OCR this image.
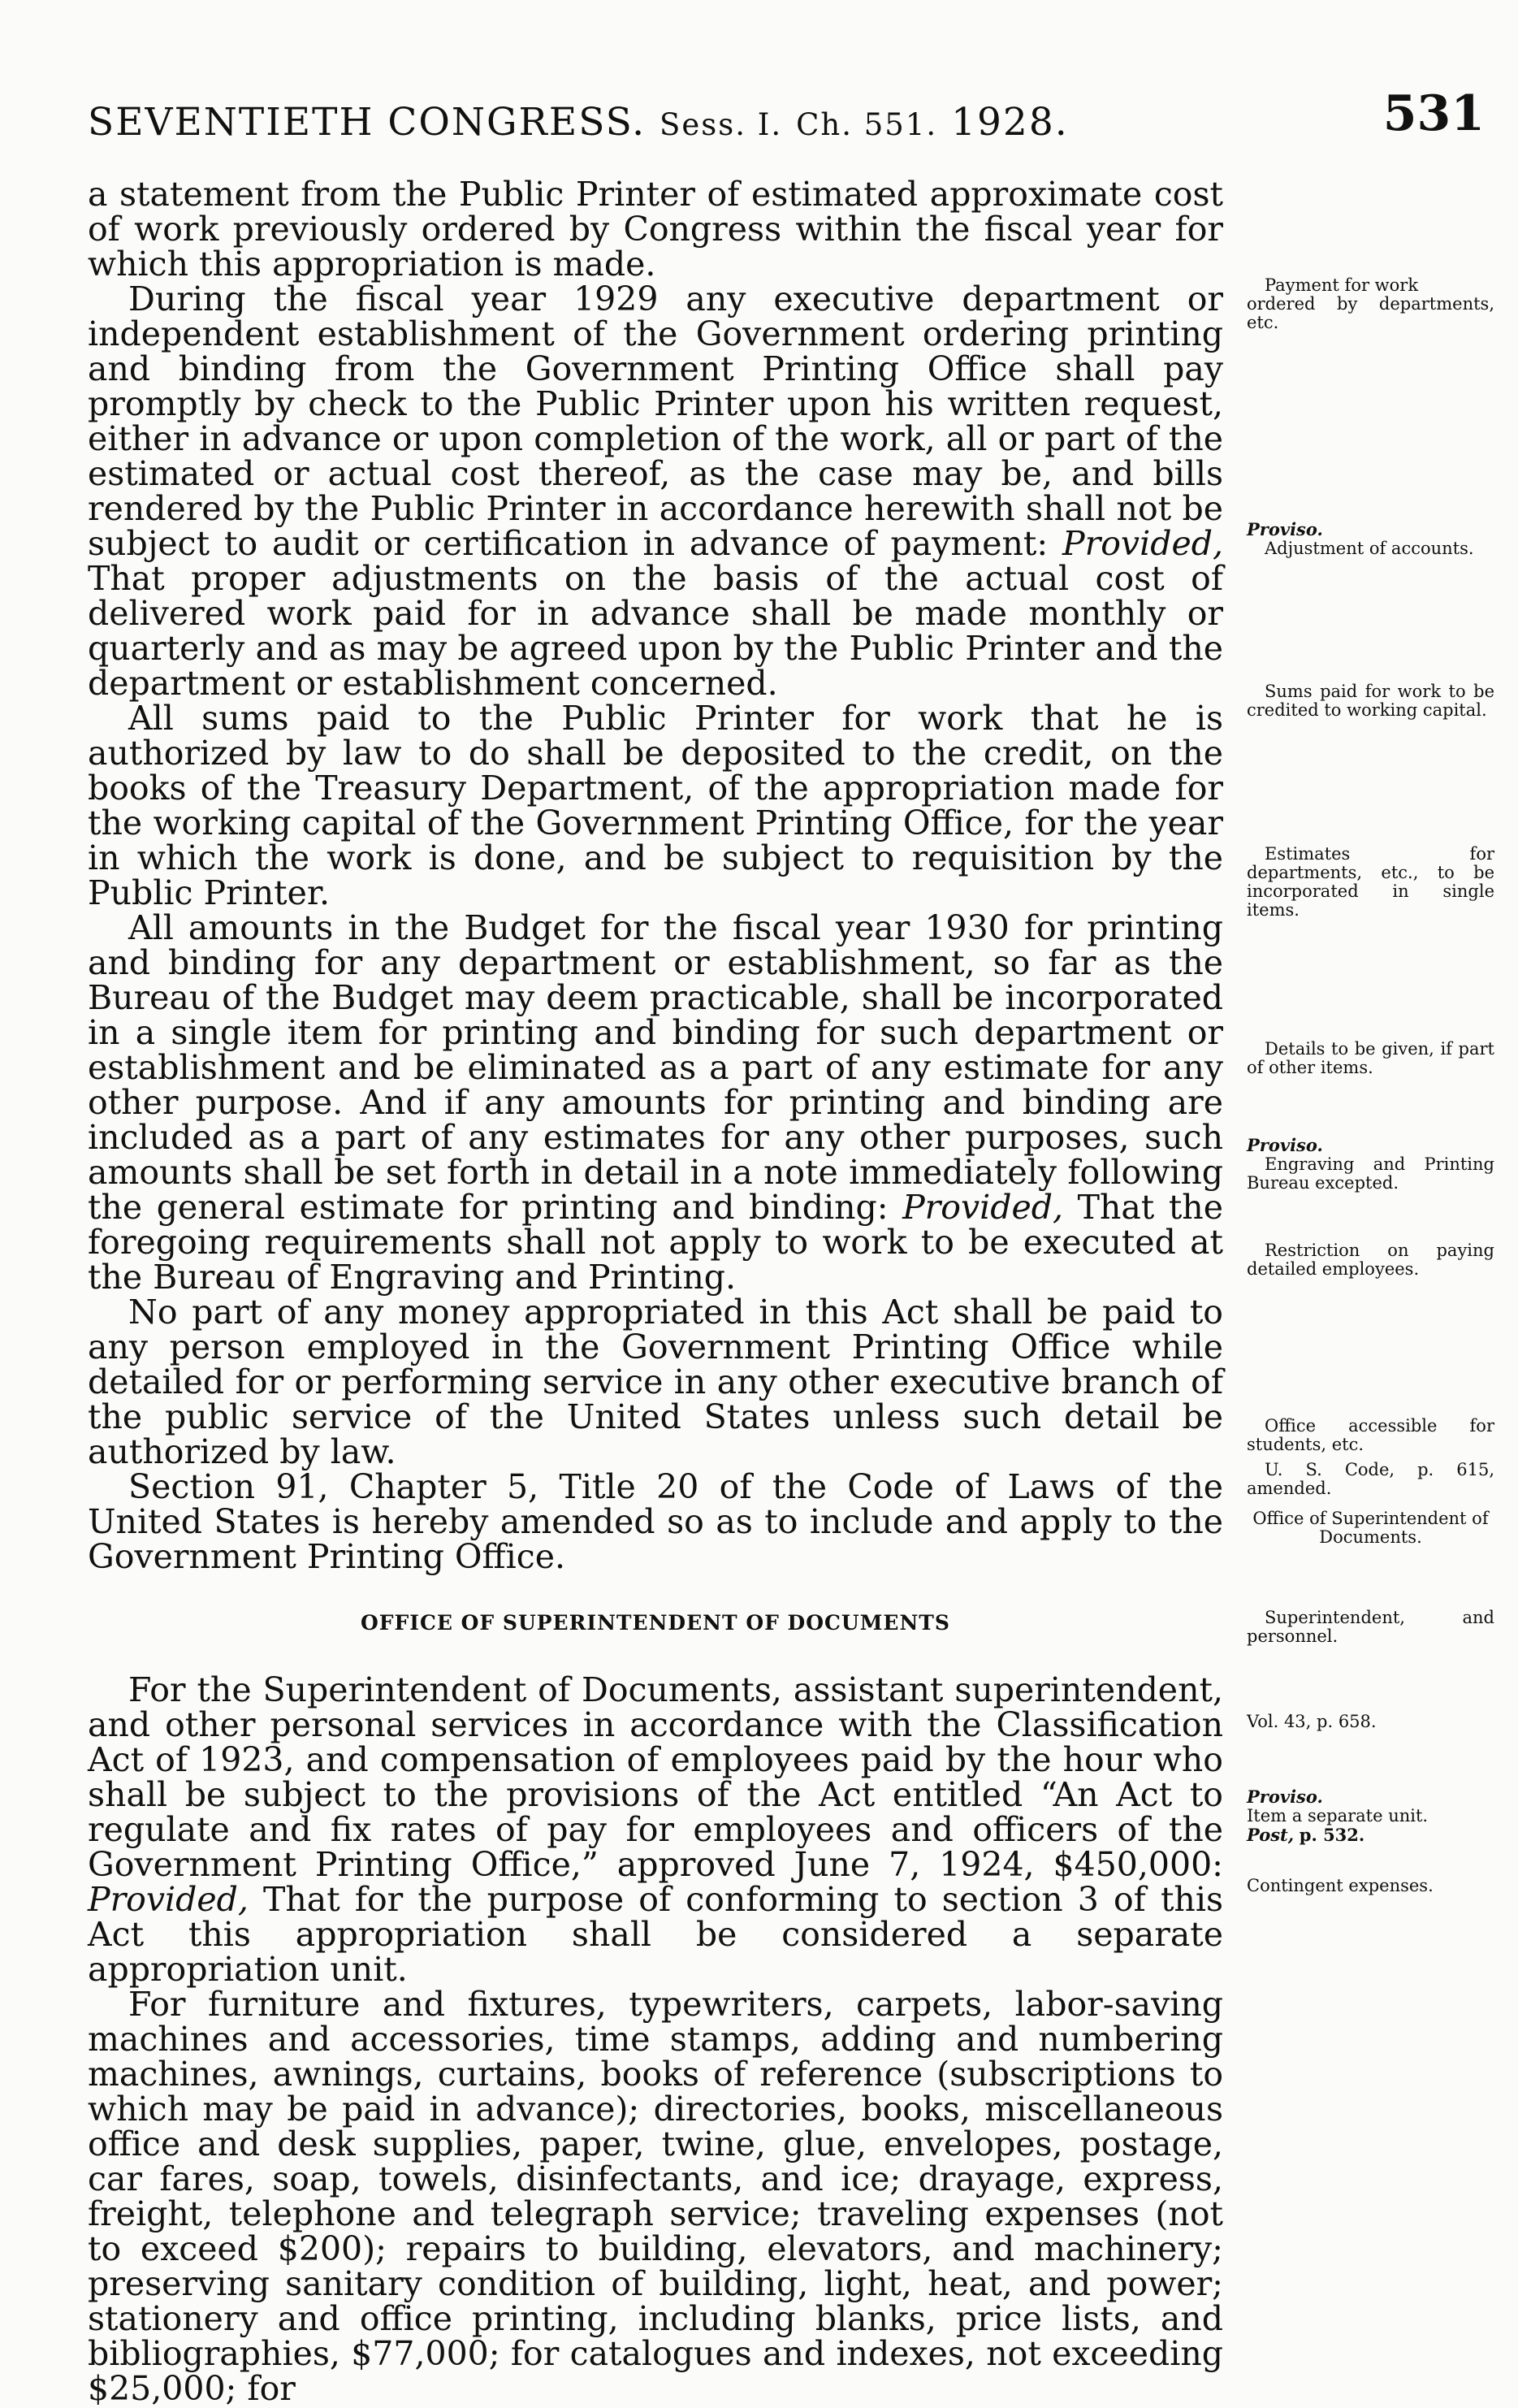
SEVENTIETH CONGRESS. Sess. I. Ch. 551. 1928.	531

a statement from the Public Printer of estimated approximate cost of work previously ordered by Congress within the fiscal year for which this appropriation is made.

During the fiscal year 1929 any executive department or independent establishment of the Government ordering printing and binding from the Government Printing Office shall pay promptly by check to the Public Printer upon his written request, either in advance or upon completion of the work, all or part of the estimated or actual cost thereof, as the case may be, and bills rendered by the Public Printer in accordance herewith shall not be subject to audit or certification in advance of payment: Provided, That proper adjustments on the basis of the actual cost of delivered work paid for in advance shall be made monthly or quarterly and as may be agreed upon by the Public Printer and the department or establishment concerned.

All sums paid to the Public Printer for work that he is authorized by law to do shall be deposited to the credit, on the books of the Treasury Department, of the appropriation made for the working capital of the Government Printing Office, for the year in which the work is done, and be subject to requisition by the Public Printer.

All amounts in the Budget for the fiscal year 1930 for printing and binding for any department or establishment, so far as the Bureau of the Budget may deem practicable, shall be incorporated in a single item for printing and binding for such department or establishment and be eliminated as a part of any estimate for any other purpose. And if any amounts for printing and binding are included as a part of any estimates for any other purposes, such amounts shall be set forth in detail in a note immediately following the general estimate for printing and binding: Provided, That the foregoing requirements shall not apply to work to be executed at the Bureau of Engraving and Printing.

No part of any money appropriated in this Act shall be paid to any person employed in the Government Printing Office while detailed for or performing service in any other executive branch of the public service of the United States unless such detail be authorized by law.

Section 91, Chapter 5, Title 20 of the Code of Laws of the United States is hereby amended so as to include and apply to the Government Printing Office.

OFFICE OF SUPERINTENDENT OF DOCUMENTS

For the Superintendent of Documents, assistant superintendent, and other personal services in accordance with the Classification Act of 1923, and compensation of employees paid by the hour who shall be subject to the provisions of the Act entitled “An Act to regulate and fix rates of pay for employees and officers of the Government Printing Office,” approved June 7, 1924, $450,000: Provided, That for the purpose of conforming to section 3 of this Act this appropriation shall be considered a separate appropriation unit.

For furniture and fixtures, typewriters, carpets, labor-saving machines and accessories, time stamps, adding and numbering machines, awnings, curtains, books of reference (subscriptions to which may be paid in advance); directories, books, miscellaneous office and desk supplies, paper, twine, glue, envelopes, postage, car fares, soap, towels, disinfectants, and ice; drayage, express, freight, telephone and telegraph service; traveling expenses (not to exceed $200); repairs to building, elevators, and machinery; preserving sanitary condition of building, light, heat, and power; stationery and office printing, including blanks, price lists, and bibliographies, $77,000; for catalogues and indexes, not exceeding $25,000; for

Payment for work
ordered by departments, etc.
Proviso.
Adjustment of accounts.
Sums paid for work to be credited to working capital.
Estimates for departments, etc., to be incorporated in single items.
Details to be given, if part of other items.
Proviso.
Engraving and Printing Bureau excepted.
Restriction on paying detailed employees.
Office accessible for students, etc.
U. S. Code, p. 615, amended.
Office of Superintendent of Documents.
Superintendent, and personnel.
Vol. 43, p. 658.
Proviso.
Item a separate unit.
Post, p. 532.
Contingent expenses.
